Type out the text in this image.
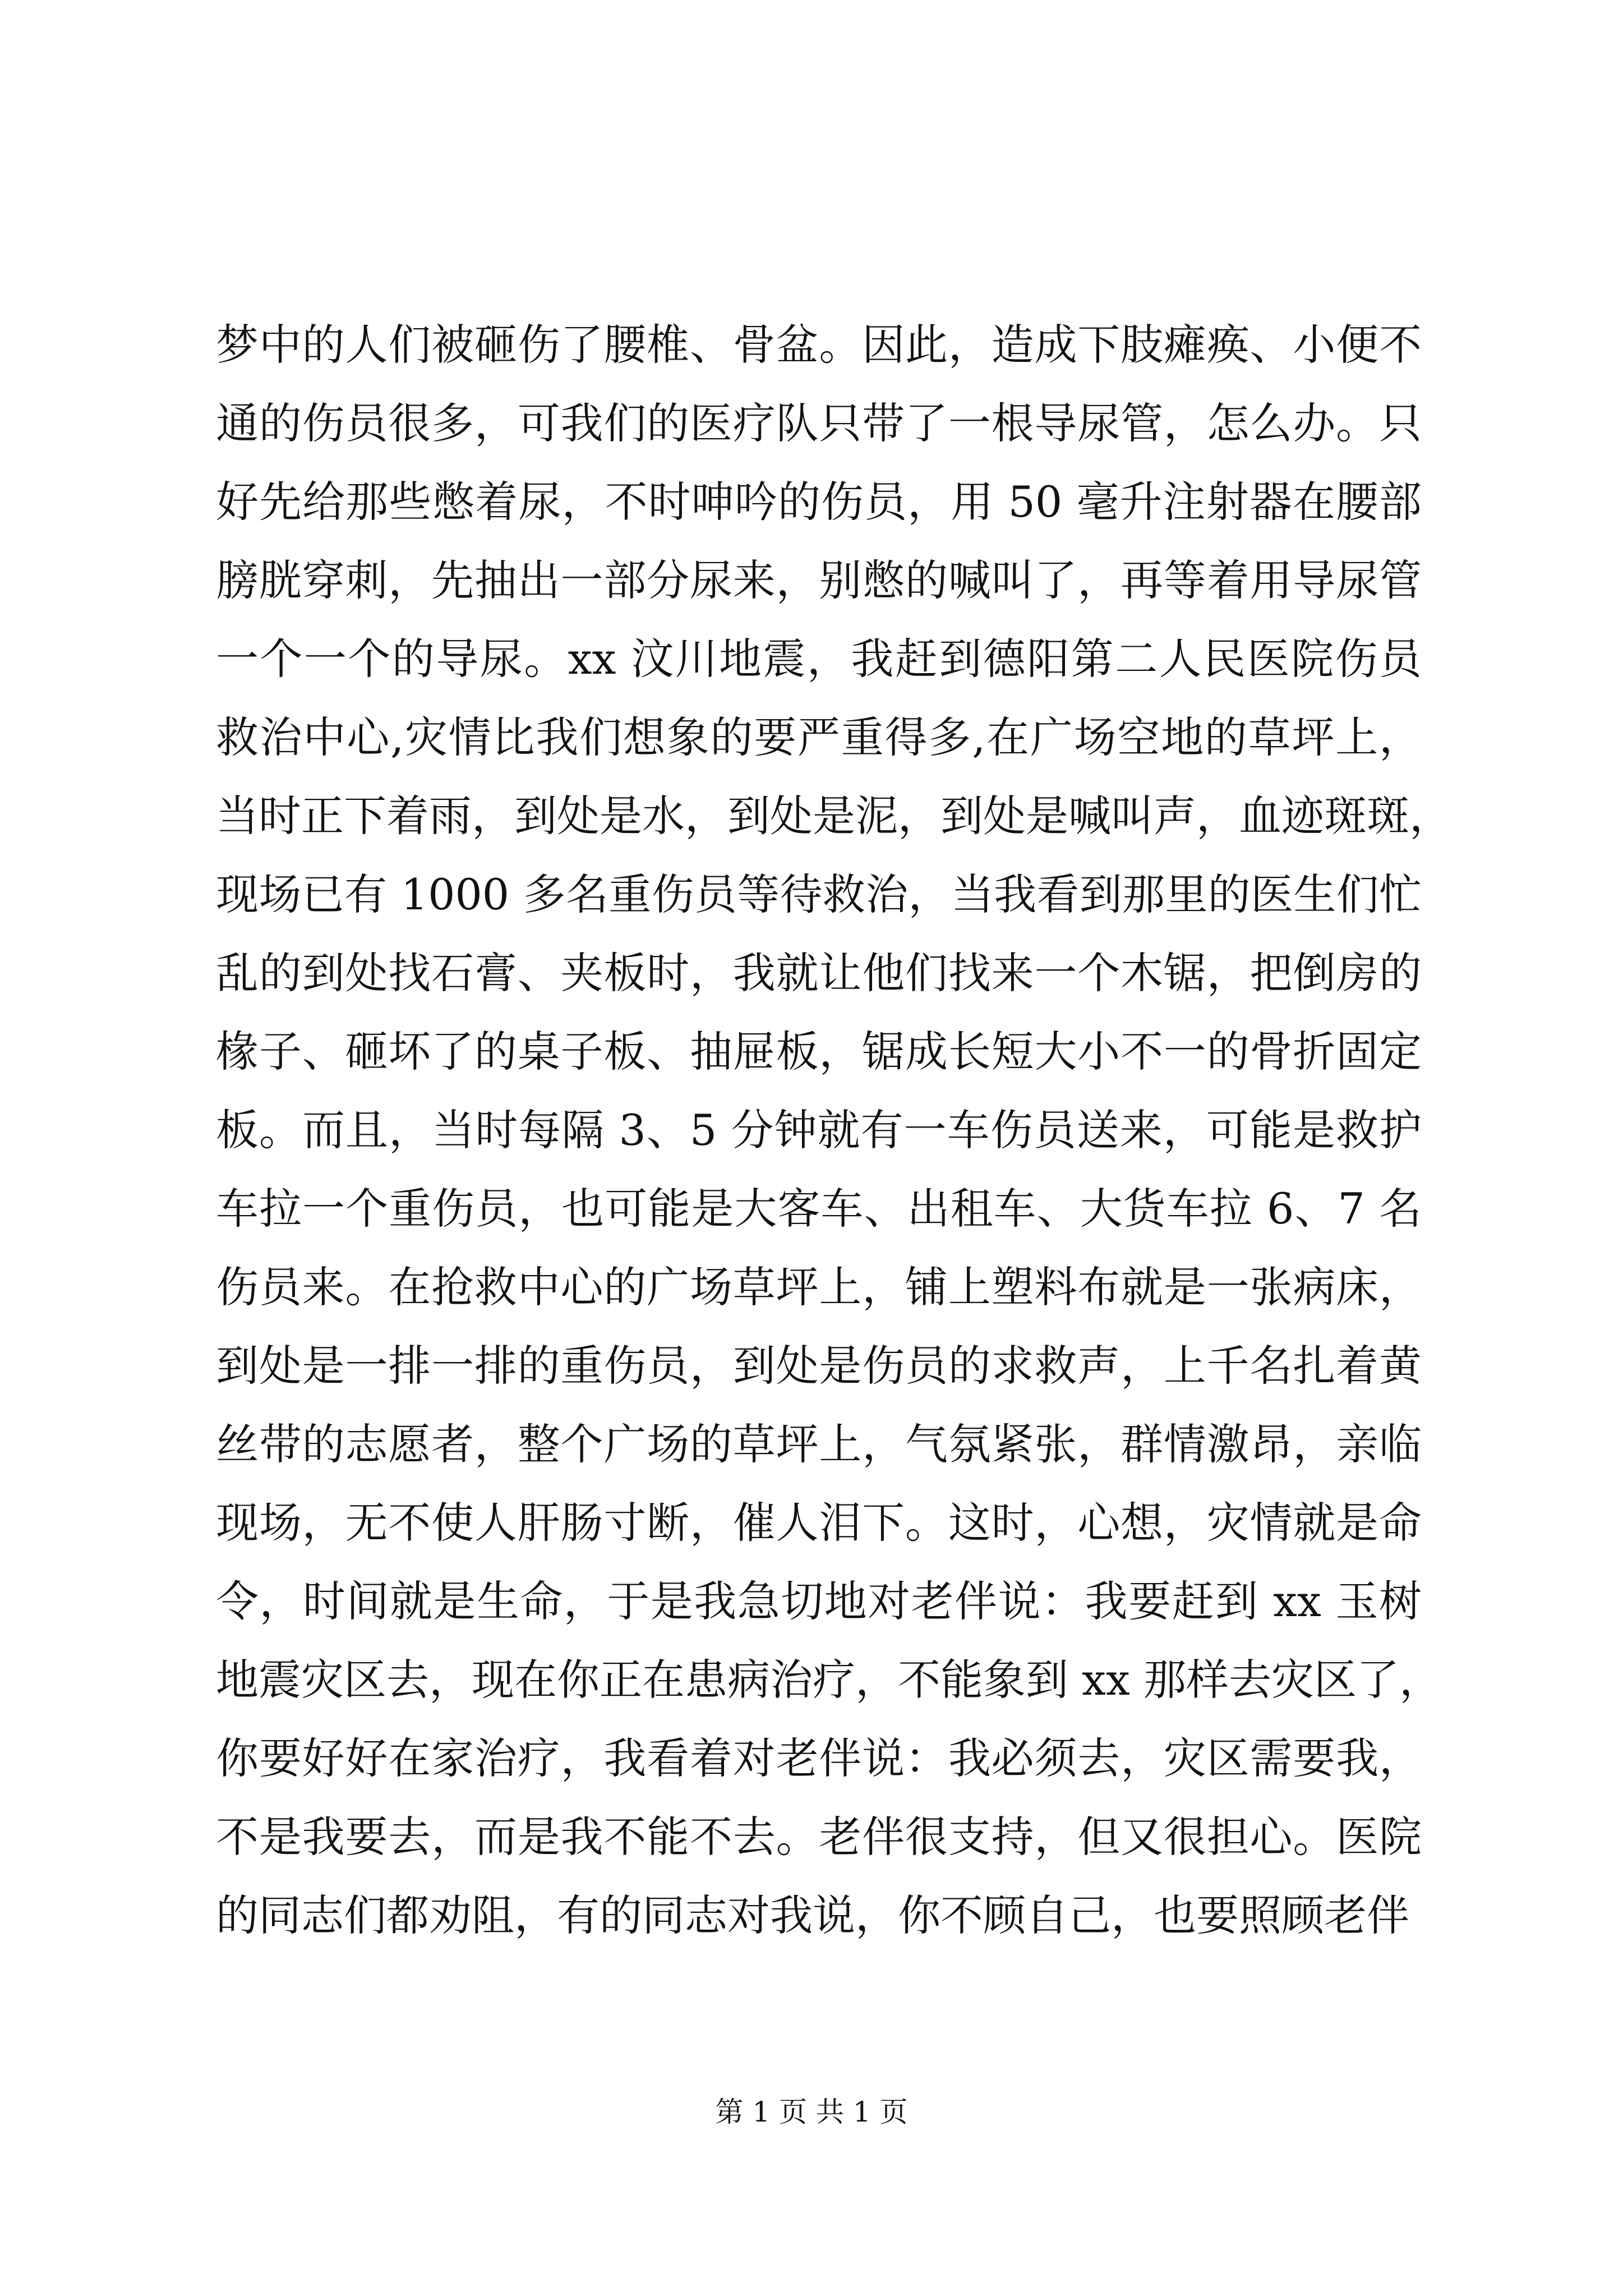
梦中的人们被砸伤了腰椎、骨盆。因此，造成下肢瘫痪、小便不
通的伤员很多，可我们的医疗队只带了一根导尿管，怎么办。只
好先给那些憋着尿，不时呻吟的伤员，用 50 毫升注射器在腰部
膀胱穿刺，先抽出一部分尿来，别憋的喊叫了，再等着用导尿管
一个一个的导尿。xx 汶川地震，我赶到德阳第二人民医院伤员
救治中心,灾情比我们想象的要严重得多,在广场空地的草坪上，
当时正下着雨，到处是水，到处是泥，到处是喊叫声，血迹斑斑，
现场已有 1000 多名重伤员等待救治，当我看到那里的医生们忙
乱的到处找石膏、夹板时，我就让他们找来一个木锯，把倒房的
椽子、砸坏了的桌子板、抽屉板，锯成长短大小不一的骨折固定
板。而且，当时每隔 3、5 分钟就有一车伤员送来，可能是救护
车拉一个重伤员，也可能是大客车、出租车、大货车拉 6、7 名
伤员来。在抢救中心的广场草坪上，铺上塑料布就是一张病床，
到处是一排一排的重伤员，到处是伤员的求救声，上千名扎着黄
丝带的志愿者，整个广场的草坪上，气氛紧张，群情激昂，亲临
现场，无不使人肝肠寸断，催人泪下。这时，心想，灾情就是命
令，时间就是生命，于是我急切地对老伴说：我要赶到 xx 玉树
地震灾区去，现在你正在患病治疗，不能象到 xx 那样去灾区了，
你要好好在家治疗，我看着对老伴说：我必须去，灾区需要我，
不是我要去，而是我不能不去。老伴很支持，但又很担心。医院
的同志们都劝阻，有的同志对我说，你不顾自己，也要照顾老伴
第 1 页 共 1 页
